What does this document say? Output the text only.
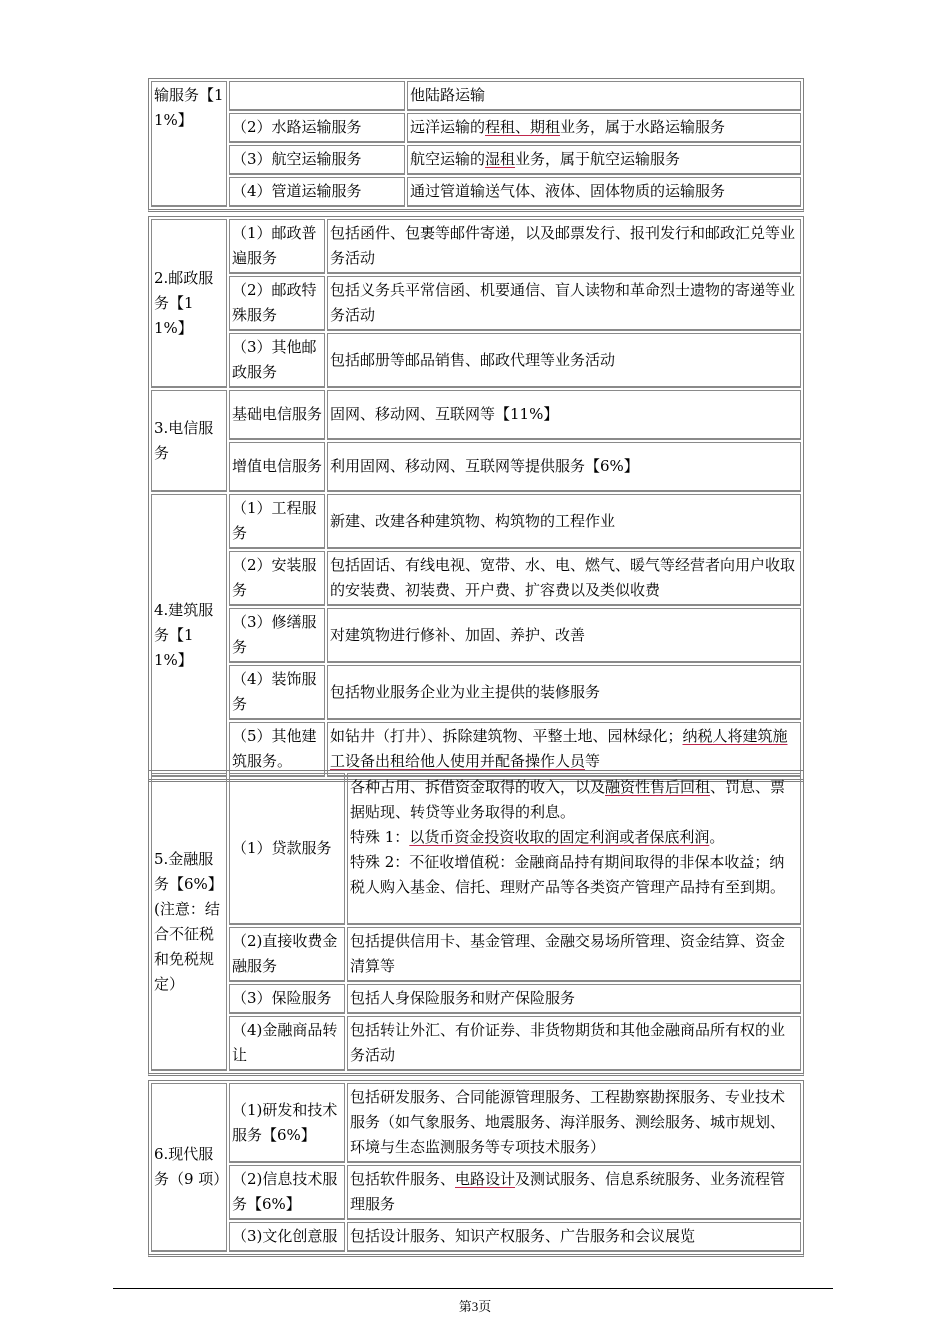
输服务【11%】		他陆路运输
	（2）水路运输服务	远洋运输的程租、期租业务，属于水路运输服务
	（3）航空运输服务	航空运输的湿租业务，属于航空运输服务
	（4）管道运输服务	通过管道输送气体、液体、固体物质的运输服务
2.邮政服务【11%】	（1）邮政普遍服务	包括函件、包裹等邮件寄递，以及邮票发行、报刊发行和邮政汇兑等业务活动
	（2）邮政特殊服务	包括义务兵平常信函、机要通信、盲人读物和革命烈士遗物的寄递等业务活动
	（3）其他邮政服务	包括邮册等邮品销售、邮政代理等业务活动
3.电信服务	基础电信服务	固网、移动网、互联网等【11%】
	增值电信服务	利用固网、移动网、互联网等提供服务【6%】
4.建筑服务【11%】	（1）工程服务	新建、改建各种建筑物、构筑物的工程作业
	（2）安装服务	包括固话、有线电视、宽带、水、电、燃气、暖气等经营者向用户收取的安装费、初装费、开户费、扩容费以及类似收费
	（3）修缮服务	对建筑物进行修补、加固、养护、改善
	（4）装饰服务	包括物业服务企业为业主提供的装修服务
	（5）其他建筑服务。	如钻井（打井）、拆除建筑物、平整土地、园林绿化；纳税人将建筑施工设备出租给他人使用并配备操作人员等
5.金融服务【6%】(注意：结合不征税和免税规定）	（1）贷款服务	各种占用、拆借资金取得的收入，以及融资性售后回租、罚息、票据贴现、转贷等业务取得的利息。
特殊 1：以货币资金投资收取的固定利润或者保底利润。
特殊 2：不征收增值税：金融商品持有期间取得的非保本收益；纳税人购入基金、信托、理财产品等各类资产管理产品持有至到期。

	（2)直接收费金融服务	包括提供信用卡、基金管理、金融交易场所管理、资金结算、资金清算等
	（3）保险服务	包括人身保险服务和财产保险服务
	（4)金融商品转让	包括转让外汇、有价证券、非货物期货和其他金融商品所有权的业务活动
6.现代服务（9 项）	（1)研发和技术服务【6%】	包括研发服务、合同能源管理服务、工程勘察勘探服务、专业技术服务（如气象服务、地震服务、海洋服务、测绘服务、城市规划、环境与生态监测服务等专项技术服务）
	（2)信息技术服务【6%】	包括软件服务、电路设计及测试服务、信息系统服务、业务流程管理服务
	（3)文化创意服	包括设计服务、知识产权服务、广告服务和会议展览
第3页
